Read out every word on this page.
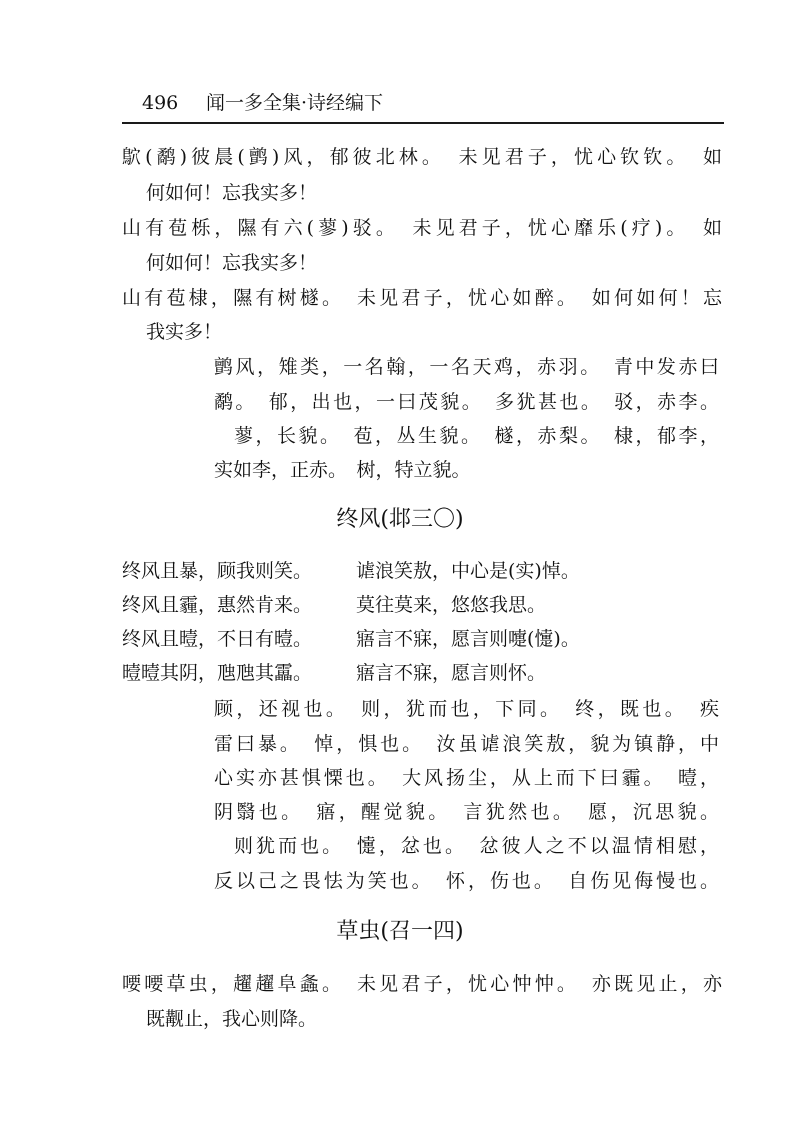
496 闻一多全集·诗经编下
鴥(鹬)彼晨(鹯)风，郁彼北林。　未见君子，忧心钦钦。　如
何如何！忘我实多！
山有苞栎，隰有六(蓼)驳。　未见君子，忧心靡乐(疗)。　如
何如何！忘我实多！
山有苞棣，隰有树檖。　未见君子，忧心如醉。　如何如何！忘
我实多！
鹯风，雉类，一名翰，一名天鸡，赤羽。　青中发赤曰
鹬。　郁，出也，一曰茂貌。　多犹甚也。　驳，赤李。
蓼，长貌。　苞，丛生貌。　檖，赤梨。　棣，郁李，
实如李，正赤。　树，特立貌。
终风(邶三〇)
终风且暴，顾我则笑。 谑浪笑敖，中心是(实)悼。
终风且霾，惠然肯来。 莫往莫来，悠悠我思。
终风且曀，不日有曀。 寤言不寐，愿言则嚏(懥)。
曀曀其阴，虺虺其靁。 寤言不寐，愿言则怀。
顾，还视也。　则，犹而也，下同。　终，既也。　疾
雷曰暴。　悼，惧也。　汝虽谑浪笑敖，貌为镇静，中
心实亦甚惧慄也。　大风扬尘，从上而下曰霾。　曀，
阴翳也。　寤，醒觉貌。　言犹然也。　愿，沉思貌。
则犹而也。　懥，忿也。　忿彼人之不以温情相慰，
反以己之畏怯为笑也。　怀，伤也。　自伤见侮慢也。
草虫(召一四)
喓喓草虫，趯趯阜螽。　未见君子，忧心忡忡。　亦既见止，亦
既觏止，我心则降。
